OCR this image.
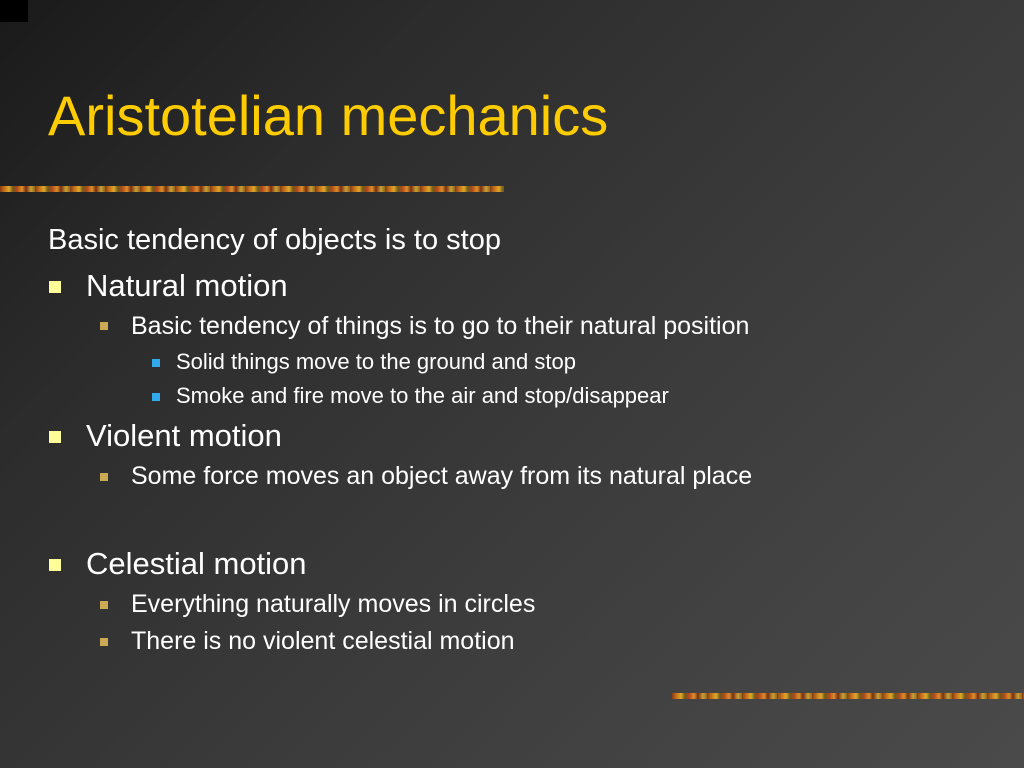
Aristotelian mechanics
Basic tendency of objects is to stop
Natural motion
Basic tendency of things is to go to their natural position
Solid things move to the ground and stop
Smoke and fire move to the air and stop/disappear
Violent motion
Some force moves an object away from its natural place
Celestial motion
Everything naturally moves in circles
There is no violent celestial motion
